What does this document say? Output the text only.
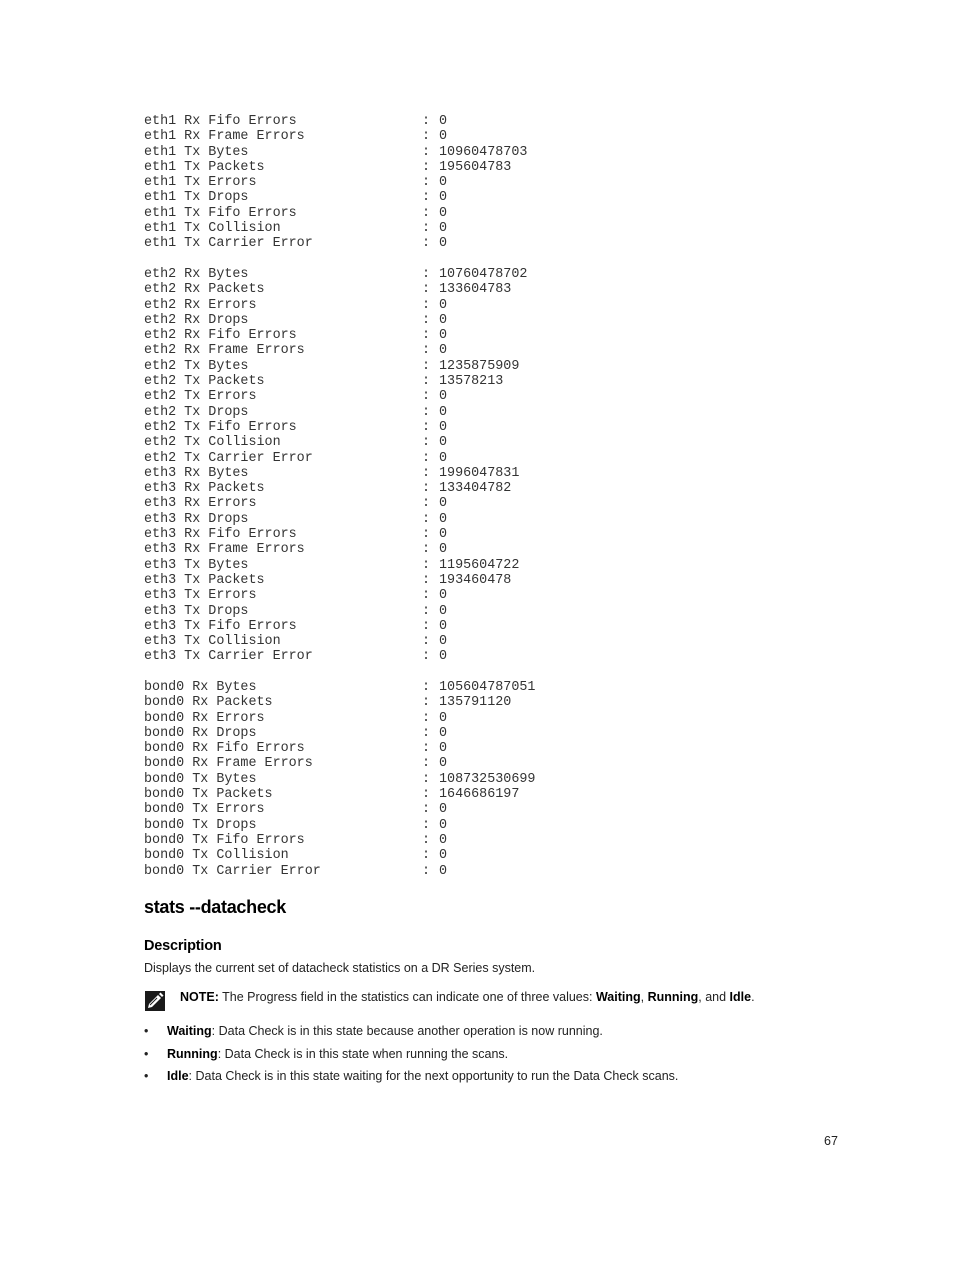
eth1 Rx Fifo Errors	: 0
eth1 Rx Frame Errors	: 0
eth1 Tx Bytes	: 10960478703
eth1 Tx Packets	: 195604783
eth1 Tx Errors	: 0
eth1 Tx Drops	: 0
eth1 Tx Fifo Errors	: 0
eth1 Tx Collision	: 0
eth1 Tx Carrier Error	: 0
eth2 Rx Bytes	: 10760478702
eth2 Rx Packets	: 133604783
eth2 Rx Errors	: 0
eth2 Rx Drops	: 0
eth2 Rx Fifo Errors	: 0
eth2 Rx Frame Errors	: 0
eth2 Tx Bytes	: 1235875909
eth2 Tx Packets	: 13578213
eth2 Tx Errors	: 0
eth2 Tx Drops	: 0
eth2 Tx Fifo Errors	: 0
eth2 Tx Collision	: 0
eth2 Tx Carrier Error	: 0
eth3 Rx Bytes	: 1996047831
eth3 Rx Packets	: 133404782
eth3 Rx Errors	: 0
eth3 Rx Drops	: 0
eth3 Rx Fifo Errors	: 0
eth3 Rx Frame Errors	: 0
eth3 Tx Bytes	: 1195604722
eth3 Tx Packets	: 193460478
eth3 Tx Errors	: 0
eth3 Tx Drops	: 0
eth3 Tx Fifo Errors	: 0
eth3 Tx Collision	: 0
eth3 Tx Carrier Error	: 0
bond0 Rx Bytes	: 105604787051
bond0 Rx Packets	: 135791120
bond0 Rx Errors	: 0
bond0 Rx Drops	: 0
bond0 Rx Fifo Errors	: 0
bond0 Rx Frame Errors	: 0
bond0 Tx Bytes	: 108732530699
bond0 Tx Packets	: 1646686197
bond0 Tx Errors	: 0
bond0 Tx Drops	: 0
bond0 Tx Fifo Errors	: 0
bond0 Tx Collision	: 0
bond0 Tx Carrier Error	: 0
stats --datacheck
Description
Displays the current set of datacheck statistics on a DR Series system.
NOTE: The Progress field in the statistics can indicate one of three values: Waiting, Running, and Idle.
• Waiting: Data Check is in this state because another operation is now running.
• Running: Data Check is in this state when running the scans.
• Idle: Data Check is in this state waiting for the next opportunity to run the Data Check scans.
67
